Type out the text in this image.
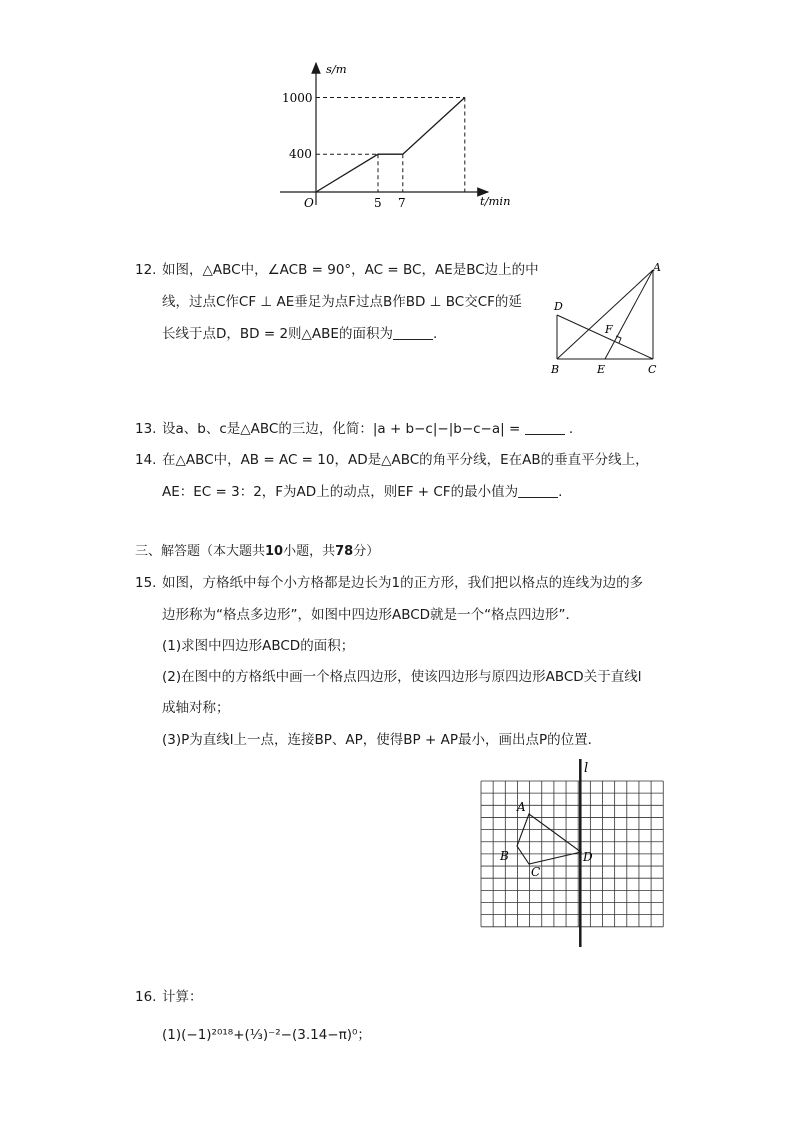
s/m
t/min
O
1000
400
5 7
12. 如图，△ABC中，∠ACB = 90°，AC = BC，AE是BC边上的中
线，过点C作CF ⊥ AE垂足为点F过点B作BD ⊥ BC交CF的延
长线于点D，BD = 2则△ABE的面积为	.
A
D
F
B	E	C
13. 设a、b、c是△ABC的三边，化简：|a + b−c|−|b−c−a| =	.
14. 在△ABC中，AB = AC = 10，AD是△ABC的角平分线，E在AB的垂直平分线上，
AE：EC = 3：2，F为AD上的动点，则EF + CF的最小值为	.
三、解答题（本大题共10小题，共78分）
15. 如图，方格纸中每个小方格都是边长为1的正方形，我们把以格点的连线为边的多
边形称为“格点多边形”，如图中四边形ABCD就是一个“格点四边形”．
(1)求图中四边形ABCD的面积；
(2)在图中的方格纸中画一个格点四边形，使该四边形与原四边形ABCD关于直线l
成轴对称；
(3)P为直线l上一点，连接BP、AP，使得BP + AP最小，画出点P的位置．
l
A
B
C
D
16. 计算：
(1)(−1)²⁰¹⁸+(⅓)⁻²−(3.14−π)⁰；
